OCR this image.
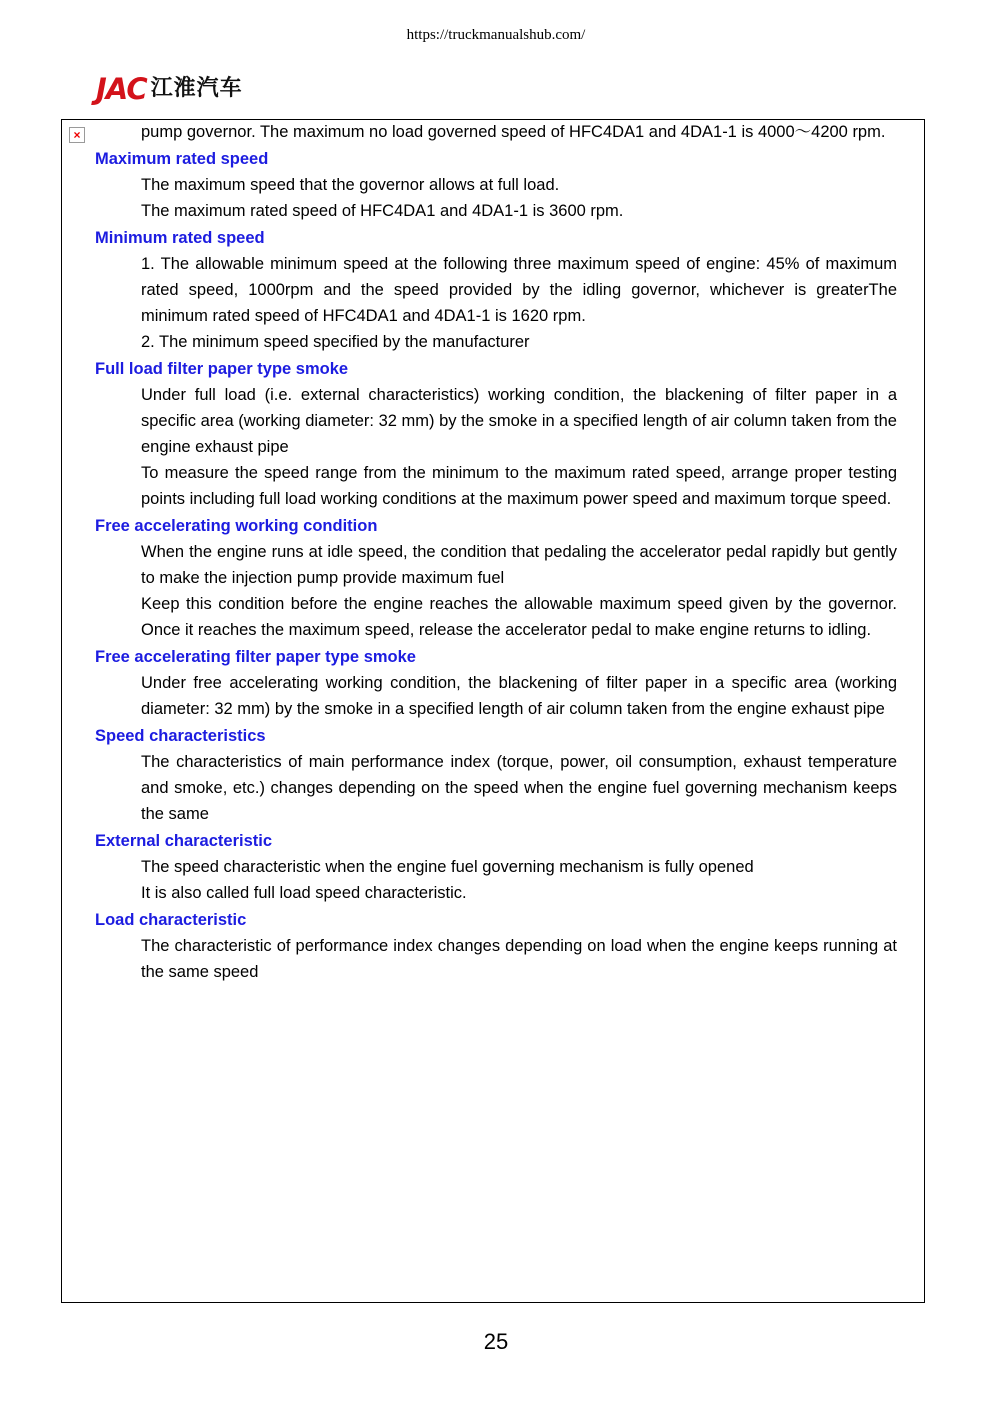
https://truckmanualshub.com/
JAC 江淮汽车
×	pump governor. The maximum no load governed speed of HFC4DA1 and 4DA1-1 is 4000～4200 rpm.

Maximum rated speed

The maximum speed that the governor allows at full load.

The maximum rated speed of HFC4DA1 and 4DA1-1 is 3600 rpm.

Minimum rated speed

1. The allowable minimum speed at the following three maximum speed of engine: 45% of maximum rated speed, 1000rpm and the speed provided by the idling governor, whichever is greaterThe minimum rated speed of HFC4DA1 and 4DA1-1 is 1620 rpm.

2. The minimum speed specified by the manufacturer

Full load filter paper type smoke

Under full load (i.e. external characteristics) working condition, the blackening of filter paper in a specific area (working diameter: 32 mm) by the smoke in a specified length of air column taken from the engine exhaust pipe

To measure the speed range from the minimum to the maximum rated speed, arrange proper testing points including full load working conditions at the maximum power speed and maximum torque speed.

Free accelerating working condition

When the engine runs at idle speed, the condition that pedaling the accelerator pedal rapidly but gently to make the injection pump provide maximum fuel

Keep this condition before the engine reaches the allowable maximum speed given by the governor. Once it reaches the maximum speed, release the accelerator pedal to make engine returns to idling.

Free accelerating filter paper type smoke

Under free accelerating working condition, the blackening of filter paper in a specific area (working diameter: 32 mm) by the smoke in a specified length of air column taken from the engine exhaust pipe

Speed characteristics

The characteristics of main performance index (torque, power, oil consumption, exhaust temperature and smoke, etc.) changes depending on the speed when the engine fuel governing mechanism keeps the same

External characteristic

The speed characteristic when the engine fuel governing mechanism is fully opened

It is also called full load speed characteristic.

Load characteristic

The characteristic of performance index changes depending on load when the engine keeps running at the same speed

25
